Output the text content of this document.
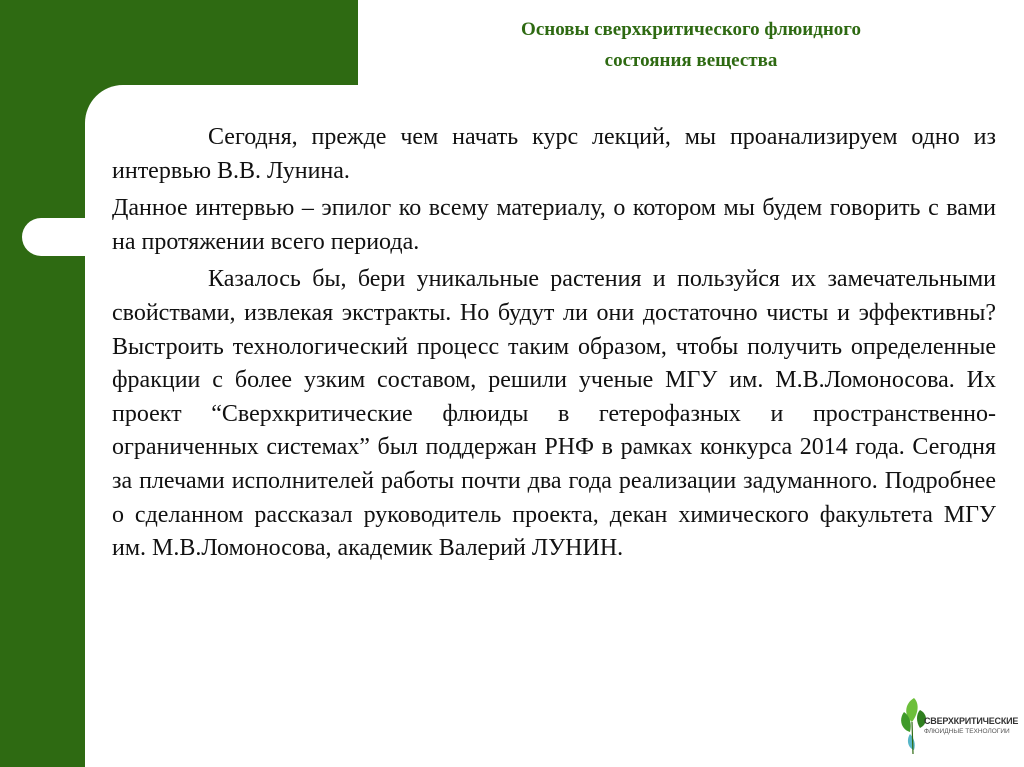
Основы сверхкритического флюидного
состояния вещества

Сегодня, прежде чем начать курс лекций, мы проанализируем одно из интервью В.В. Лунина.

Данное интервью – эпилог ко всему материалу, о котором мы будем говорить с вами на протяжении всего периода.

Казалось бы, бери уникальные растения и пользуйся их замечательными свойствами, извлекая экстракты. Но будут ли они достаточно чисты и эффективны? Выстроить технологический процесс таким образом, чтобы получить определенные фракции с более узким составом, решили ученые МГУ им. М.В.Ломоносова. Их проект “Сверхкритические флюиды в гетерофазных и пространственно-ограниченных системах” был поддержан РНФ в рамках конкурса 2014 года. Сегодня за плечами исполнителей работы почти два года реализации задуманного. Подробнее о сделанном рассказал руководитель проекта, декан химического факультета МГУ им. М.В.Ломоносова, академик Валерий ЛУНИН.

СВЕРХКРИТИЧЕСКИЕ
ФЛЮИДНЫЕ ТЕХНОЛОГИИ
